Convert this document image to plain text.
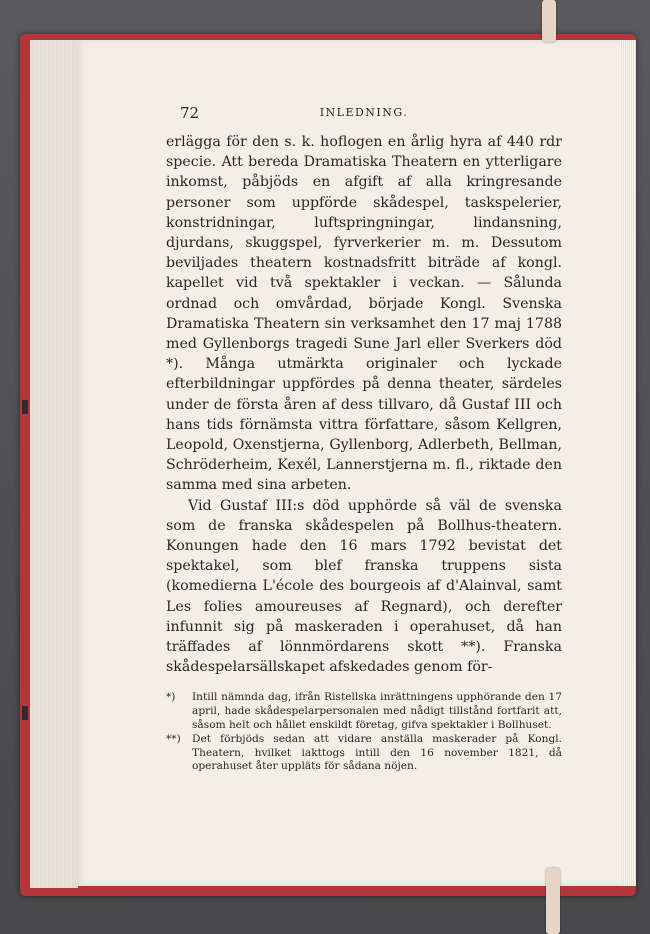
72	INLEDNING.
erlägga för den s. k. hoflogen en årlig hyra af 440 rdr specie. Att bereda Dramatiska Theatern en ytterligare inkomst, påbjöds en afgift af alla kringresande personer som uppförde skådespel, taskspelerier, konstridningar, luftspringningar, lindansning, djurdans, skuggspel, fyrverkerier m. m. Dessutom beviljades theatern kostnadsfritt biträde af kongl. kapellet vid två spektakler i veckan. — Sålunda ordnad och omvårdad, började Kongl. Svenska Dramatiska Theatern sin verksamhet den 17 maj 1788 med Gyllenborgs tragedi Sune Jarl eller Sverkers död *). Många utmärkta originaler och lyckade efterbildningar uppfördes på denna theater, särdeles under de första åren af dess tillvaro, då Gustaf III och hans tids förnämsta vittra författare, såsom Kellgren, Leopold, Oxenstjerna, Gyllenborg, Adlerbeth, Bellman, Schröderheim, Kexél, Lannerstjerna m. fl., riktade den samma med sina arbeten.
Vid Gustaf III:s död upphörde så väl de svenska som de franska skådespelen på Bollhus-theatern. Konungen hade den 16 mars 1792 bevistat det spektakel, som blef franska truppens sista (komedierna L'école des bourgeois af d'Alainval, samt Les folies amoureuses af Regnard), och derefter infunnit sig på maskeraden i operahuset, då han träffades af lönnmördarens skott **). Franska skådespelarsällskapet afskedades genom för-
*)	Intill nämnda dag, ifrån Ristellska inrättningens upphörande den 17 april, hade skådespelarpersonalen med nådigt tillstånd fortfarit att, såsom helt och hållet enskildt företag, gifva spektakler i Bollhuset.
**)	Det förbjöds sedan att vidare anställa maskerader på Kongl. Theatern, hvilket iakttogs intill den 16 november 1821, då operahuset åter uppläts för sådana nöjen.
